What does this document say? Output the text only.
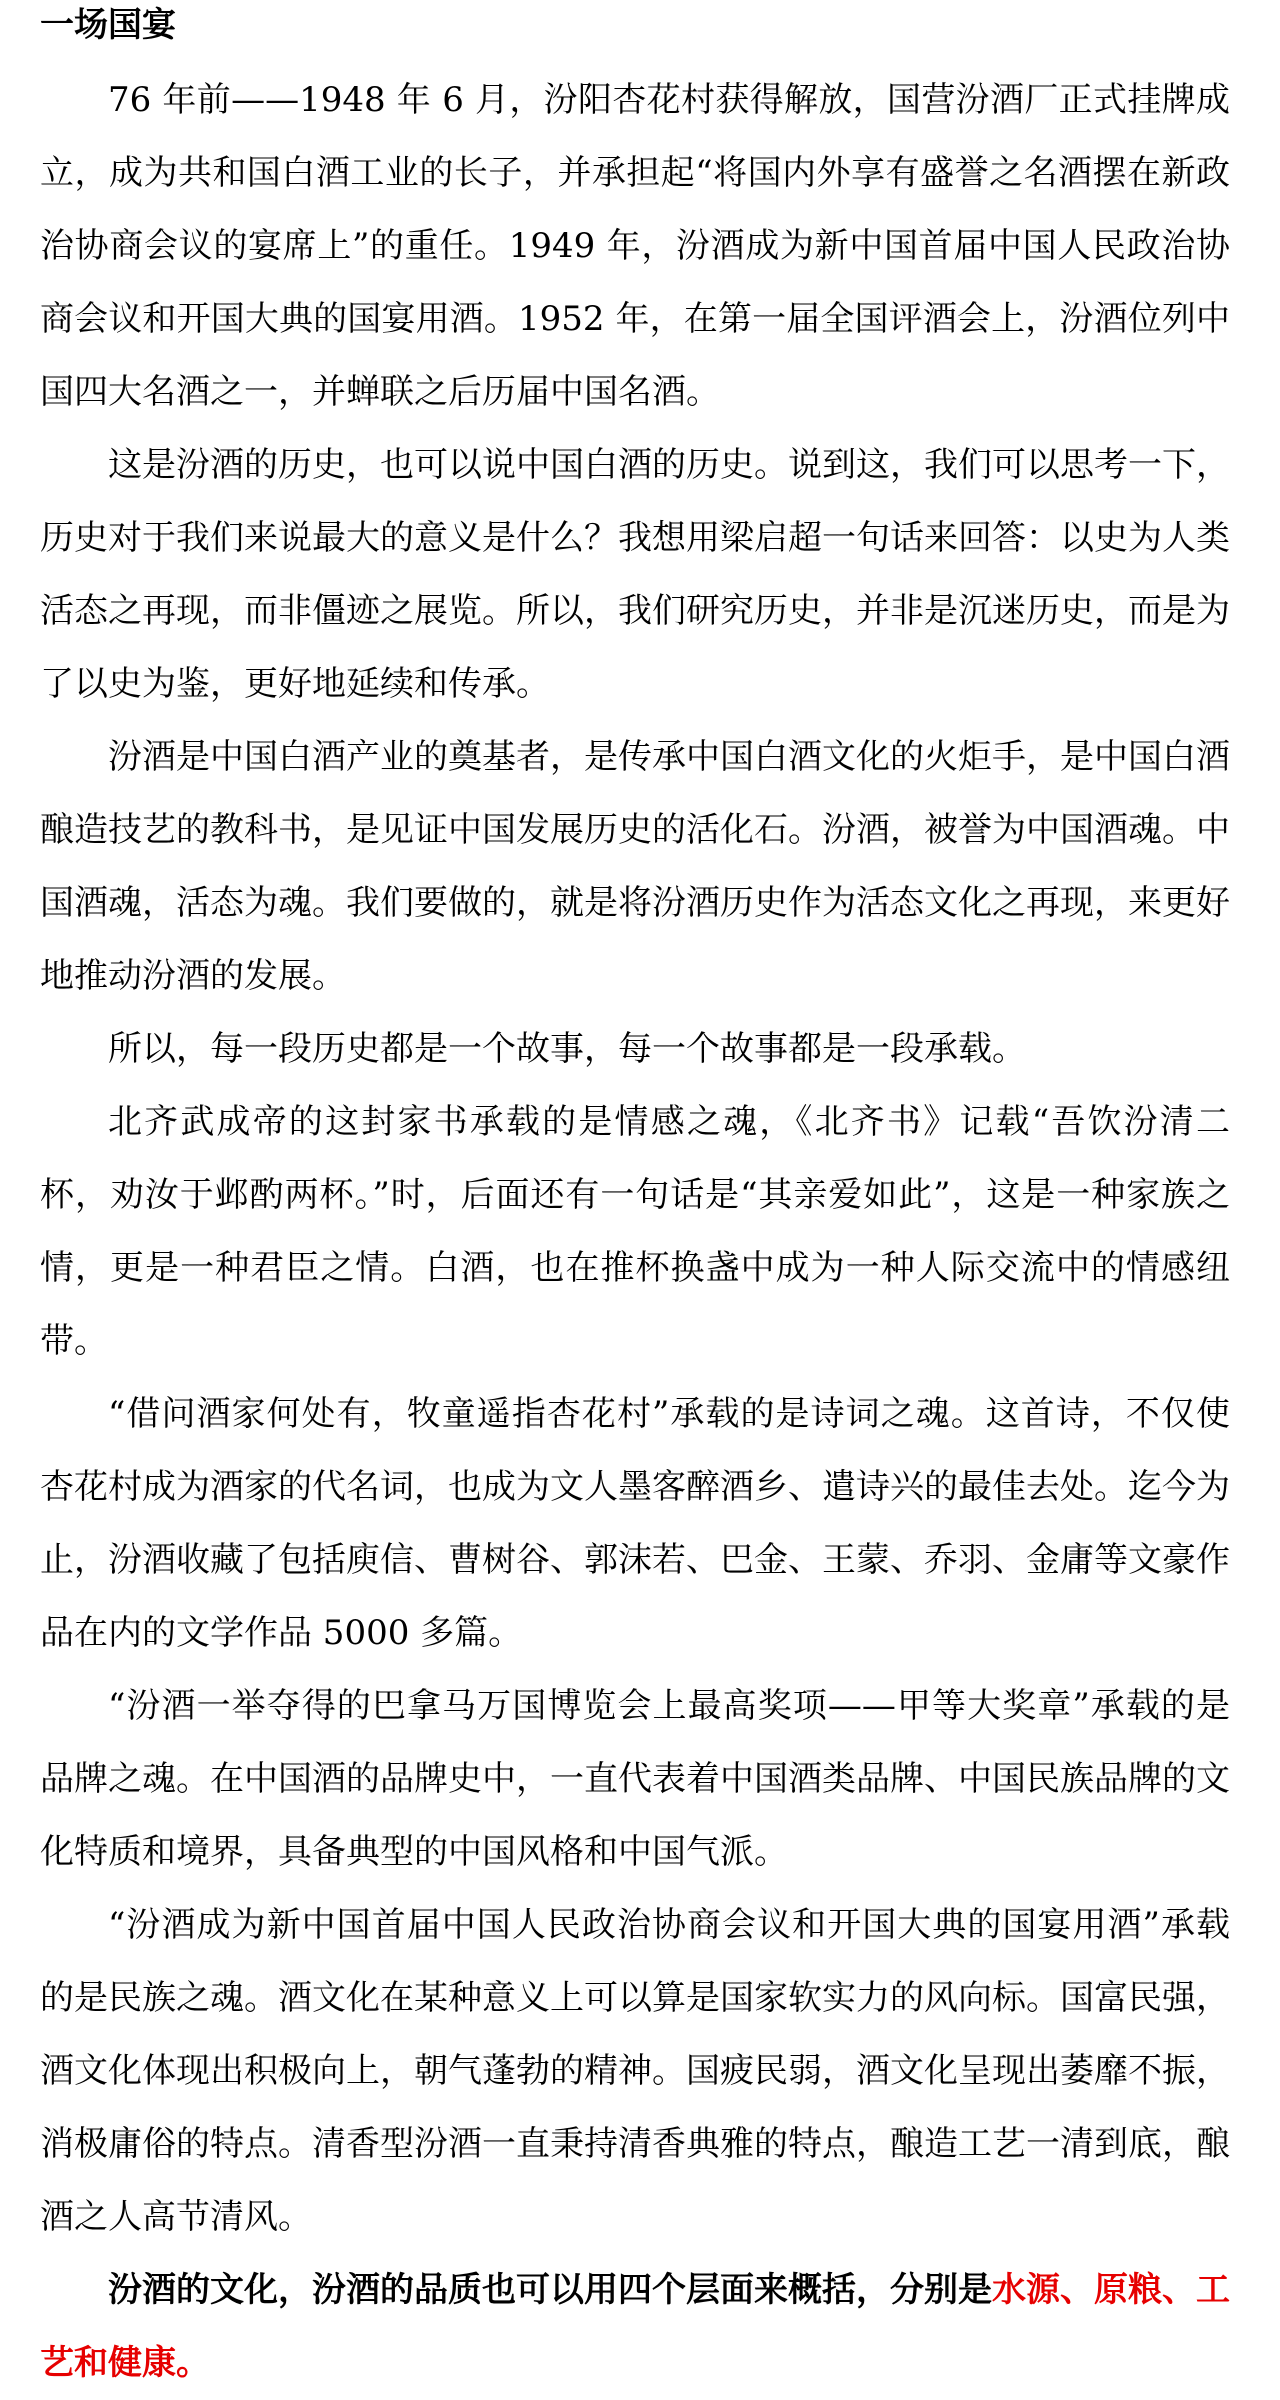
一场国宴

76 年前——1948 年 6 月，汾阳杏花村获得解放，国营汾酒厂正式挂牌成立，成为共和国白酒工业的长子，并承担起“将国内外享有盛誉之名酒摆在新政治协商会议的宴席上”的重任。1949 年，汾酒成为新中国首届中国人民政治协商会议和开国大典的国宴用酒。1952 年，在第一届全国评酒会上，汾酒位列中国四大名酒之一，并蝉联之后历届中国名酒。

这是汾酒的历史，也可以说中国白酒的历史。说到这，我们可以思考一下，历史对于我们来说最大的意义是什么？我想用梁启超一句话来回答：以史为人类活态之再现，而非僵迹之展览。所以，我们研究历史，并非是沉迷历史，而是为了以史为鉴，更好地延续和传承。

汾酒是中国白酒产业的奠基者，是传承中国白酒文化的火炬手，是中国白酒酿造技艺的教科书，是见证中国发展历史的活化石。汾酒，被誉为中国酒魂。中国酒魂，活态为魂。我们要做的，就是将汾酒历史作为活态文化之再现，来更好地推动汾酒的发展。

所以，每一段历史都是一个故事，每一个故事都是一段承载。

北齐武成帝的这封家书承载的是情感之魂，《北齐书》记载“吾饮汾清二杯，劝汝于邺酌两杯。”时，后面还有一句话是“其亲爱如此”，这是一种家族之情，更是一种君臣之情。白酒，也在推杯换盏中成为一种人际交流中的情感纽带。

“借问酒家何处有，牧童遥指杏花村”承载的是诗词之魂。这首诗，不仅使杏花村成为酒家的代名词，也成为文人墨客醉酒乡、遣诗兴的最佳去处。迄今为止，汾酒收藏了包括庾信、曹树谷、郭沫若、巴金、王蒙、乔羽、金庸等文豪作品在内的文学作品 5000 多篇。

“汾酒一举夺得的巴拿马万国博览会上最高奖项——甲等大奖章”承载的是品牌之魂。在中国酒的品牌史中，一直代表着中国酒类品牌、中国民族品牌的文化特质和境界，具备典型的中国风格和中国气派。

“汾酒成为新中国首届中国人民政治协商会议和开国大典的国宴用酒”承载的是民族之魂。酒文化在某种意义上可以算是国家软实力的风向标。国富民强，酒文化体现出积极向上，朝气蓬勃的精神。国疲民弱，酒文化呈现出萎靡不振，消极庸俗的特点。清香型汾酒一直秉持清香典雅的特点，酿造工艺一清到底，酿酒之人高节清风。

汾酒的文化，汾酒的品质也可以用四个层面来概括，分别是水源、原粮、工艺和健康。
